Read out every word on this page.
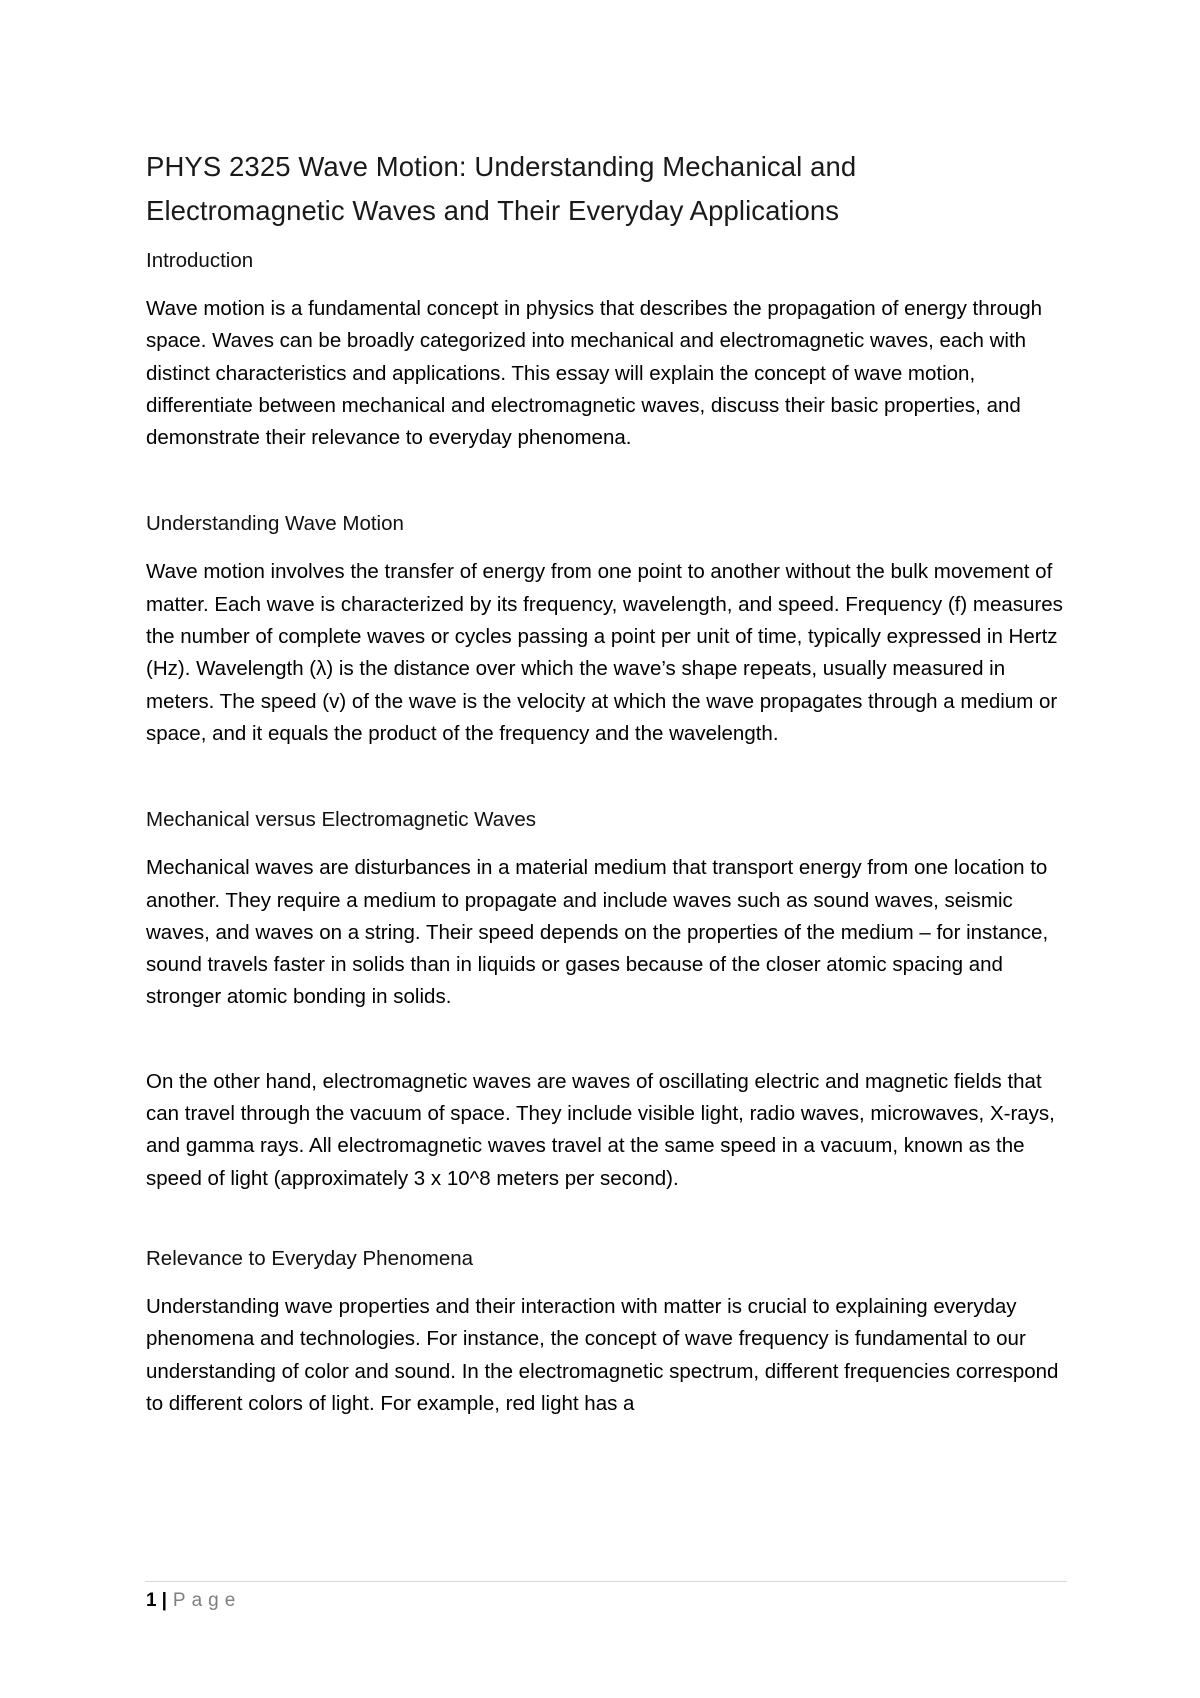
PHYS 2325 Wave Motion: Understanding Mechanical and
Electromagnetic Waves and Their Everyday Applications
Introduction

Wave motion is a fundamental concept in physics that describes the propagation of energy through space. Waves can be broadly categorized into mechanical and electromagnetic waves, each with distinct characteristics and applications. This essay will explain the concept of wave motion, differentiate between mechanical and electromagnetic waves, discuss their basic properties, and demonstrate their relevance to everyday phenomena.

Understanding Wave Motion

Wave motion involves the transfer of energy from one point to another without the bulk movement of matter. Each wave is characterized by its frequency, wavelength, and speed. Frequency (f) measures the number of complete waves or cycles passing a point per unit of time, typically expressed in Hertz (Hz). Wavelength (λ) is the distance over which the wave’s shape repeats, usually measured in meters. The speed (v) of the wave is the velocity at which the wave propagates through a medium or space, and it equals the product of the frequency and the wavelength.

Mechanical versus Electromagnetic Waves

Mechanical waves are disturbances in a material medium that transport energy from one location to another. They require a medium to propagate and include waves such as sound waves, seismic waves, and waves on a string. Their speed depends on the properties of the medium – for instance, sound travels faster in solids than in liquids or gases because of the closer atomic spacing and stronger atomic bonding in solids.

On the other hand, electromagnetic waves are waves of oscillating electric and magnetic fields that can travel through the vacuum of space. They include visible light, radio waves, microwaves, X-rays, and gamma rays. All electromagnetic waves travel at the same speed in a vacuum, known as the speed of light (approximately 3 x 10^8 meters per second).

Relevance to Everyday Phenomena

Understanding wave properties and their interaction with matter is crucial to explaining everyday phenomena and technologies. For instance, the concept of wave frequency is fundamental to our understanding of color and sound. In the electromagnetic spectrum, different frequencies correspond to different colors of light. For example, red light has a

1 | Page
